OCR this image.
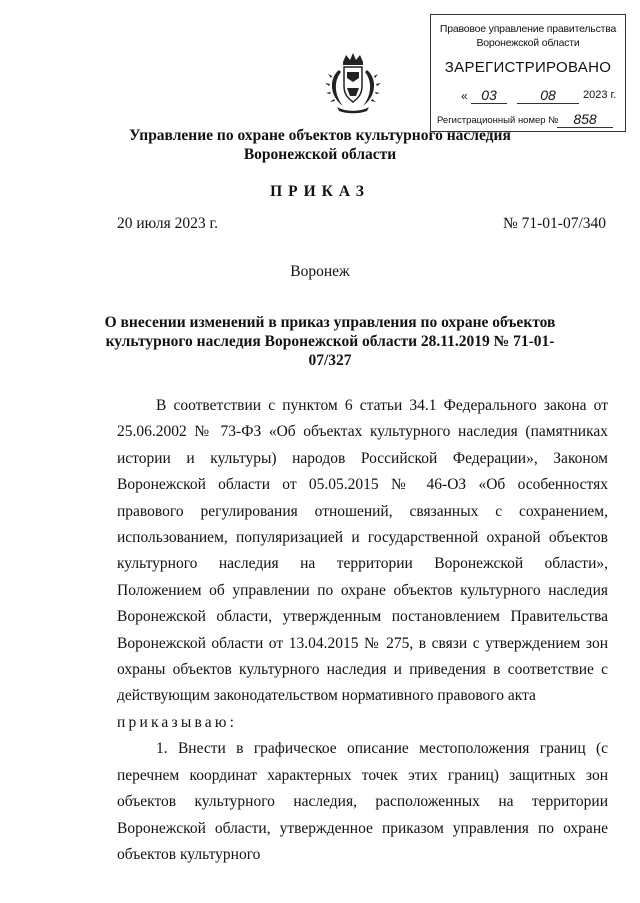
Правовое управление правительства
Воронежской области
ЗАРЕГИСТРИРОВАНО
« 03	08	2023 г.
Регистрационный номер №	858
Управление по охране объектов культурного наследия
Воронежской области
ПРИКАЗ
20 июля 2023 г.	№ 71-01-07/340
Воронеж
О внесении изменений в приказ управления по охране объектов культурного наследия Воронежской области 28.11.2019 № 71-01-07/327

В соответствии с пунктом 6 статьи 34.1 Федерального закона от 25.06.2002 № 73-ФЗ «Об объектах культурного наследия (памятниках истории и культуры) народов Российской Федерации», Законом Воронежской области от 05.05.2015 № 46-ОЗ «Об особенностях правового регулирования отношений, связанных с сохранением, использованием, популяризацией и государственной охраной объектов культурного наследия на территории Воронежской области», Положением об управлении по охране объектов культурного наследия Воронежской области, утвержденным постановлением Правительства Воронежской области от 13.04.2015 № 275, в связи с утверждением зон охраны объектов культурного наследия и приведения в соответствие с действующим законодательством нормативного правового акта

приказываю:

1. Внести в графическое описание местоположения границ (с перечнем координат характерных точек этих границ) защитных зон объектов культурного наследия, расположенных на территории Воронежской области, утвержденное приказом управления по охране объектов культурного
